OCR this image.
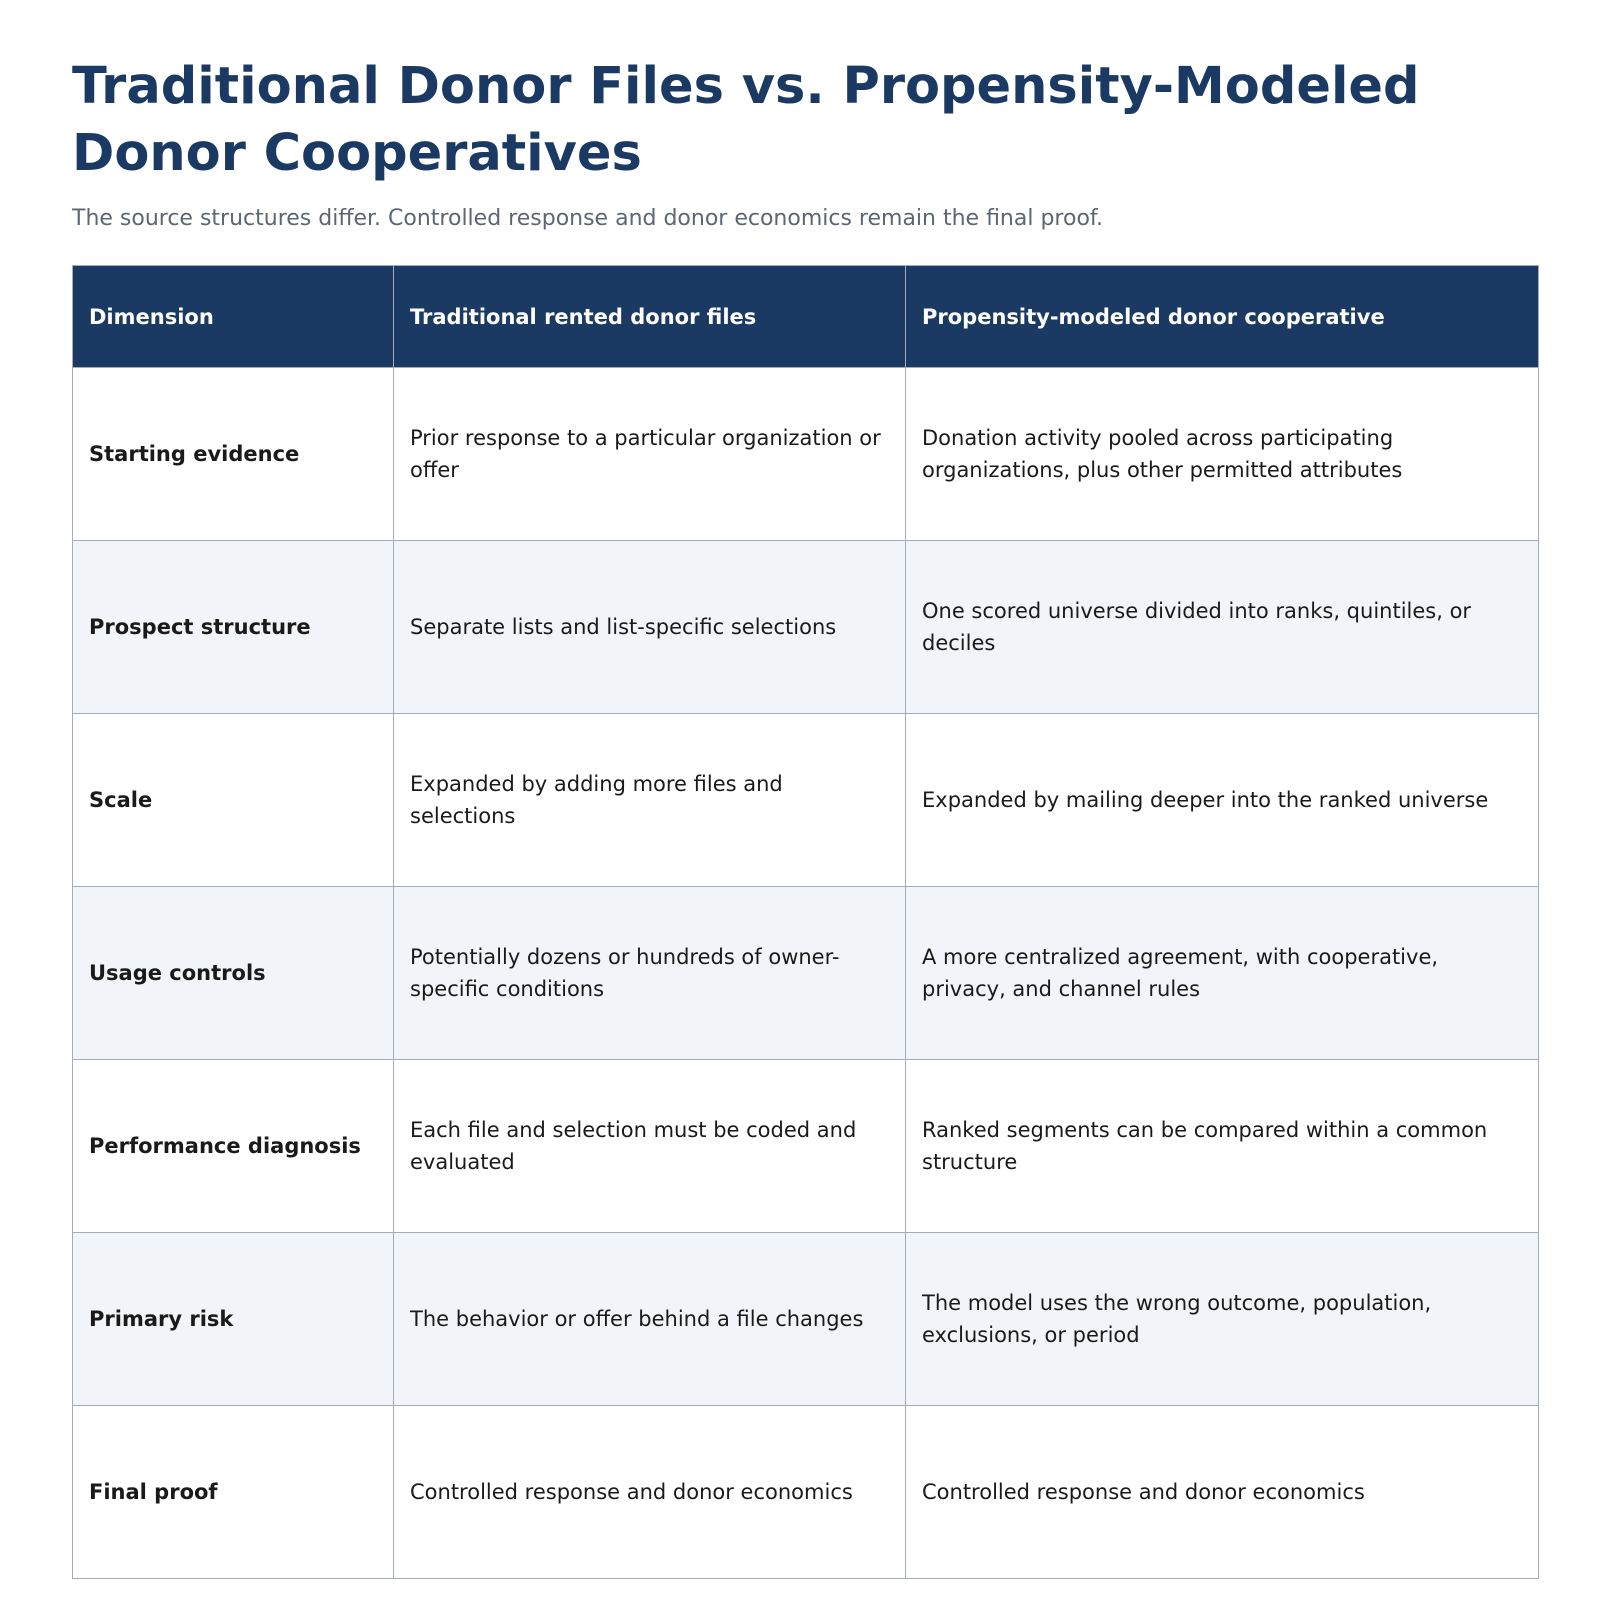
Traditional Donor Files vs. Propensity-Modeled Donor Cooperatives

The source structures differ. Controlled response and donor economics remain the final proof.

Dimension	Traditional rented donor files	Propensity-modeled donor cooperative
Starting evidence	Prior response to a particular organization or offer	Donation activity pooled across participating organizations, plus other permitted attributes
Prospect structure	Separate lists and list-specific selections	One scored universe divided into ranks, quintiles, or deciles
Scale	Expanded by adding more files and selections	Expanded by mailing deeper into the ranked universe
Usage controls	Potentially dozens or hundreds of owner-specific conditions	A more centralized agreement, with cooperative, privacy, and channel rules
Performance diagnosis	Each file and selection must be coded and evaluated	Ranked segments can be compared within a common structure
Primary risk	The behavior or offer behind a file changes	The model uses the wrong outcome, population, exclusions, or period
Final proof	Controlled response and donor economics	Controlled response and donor economics
